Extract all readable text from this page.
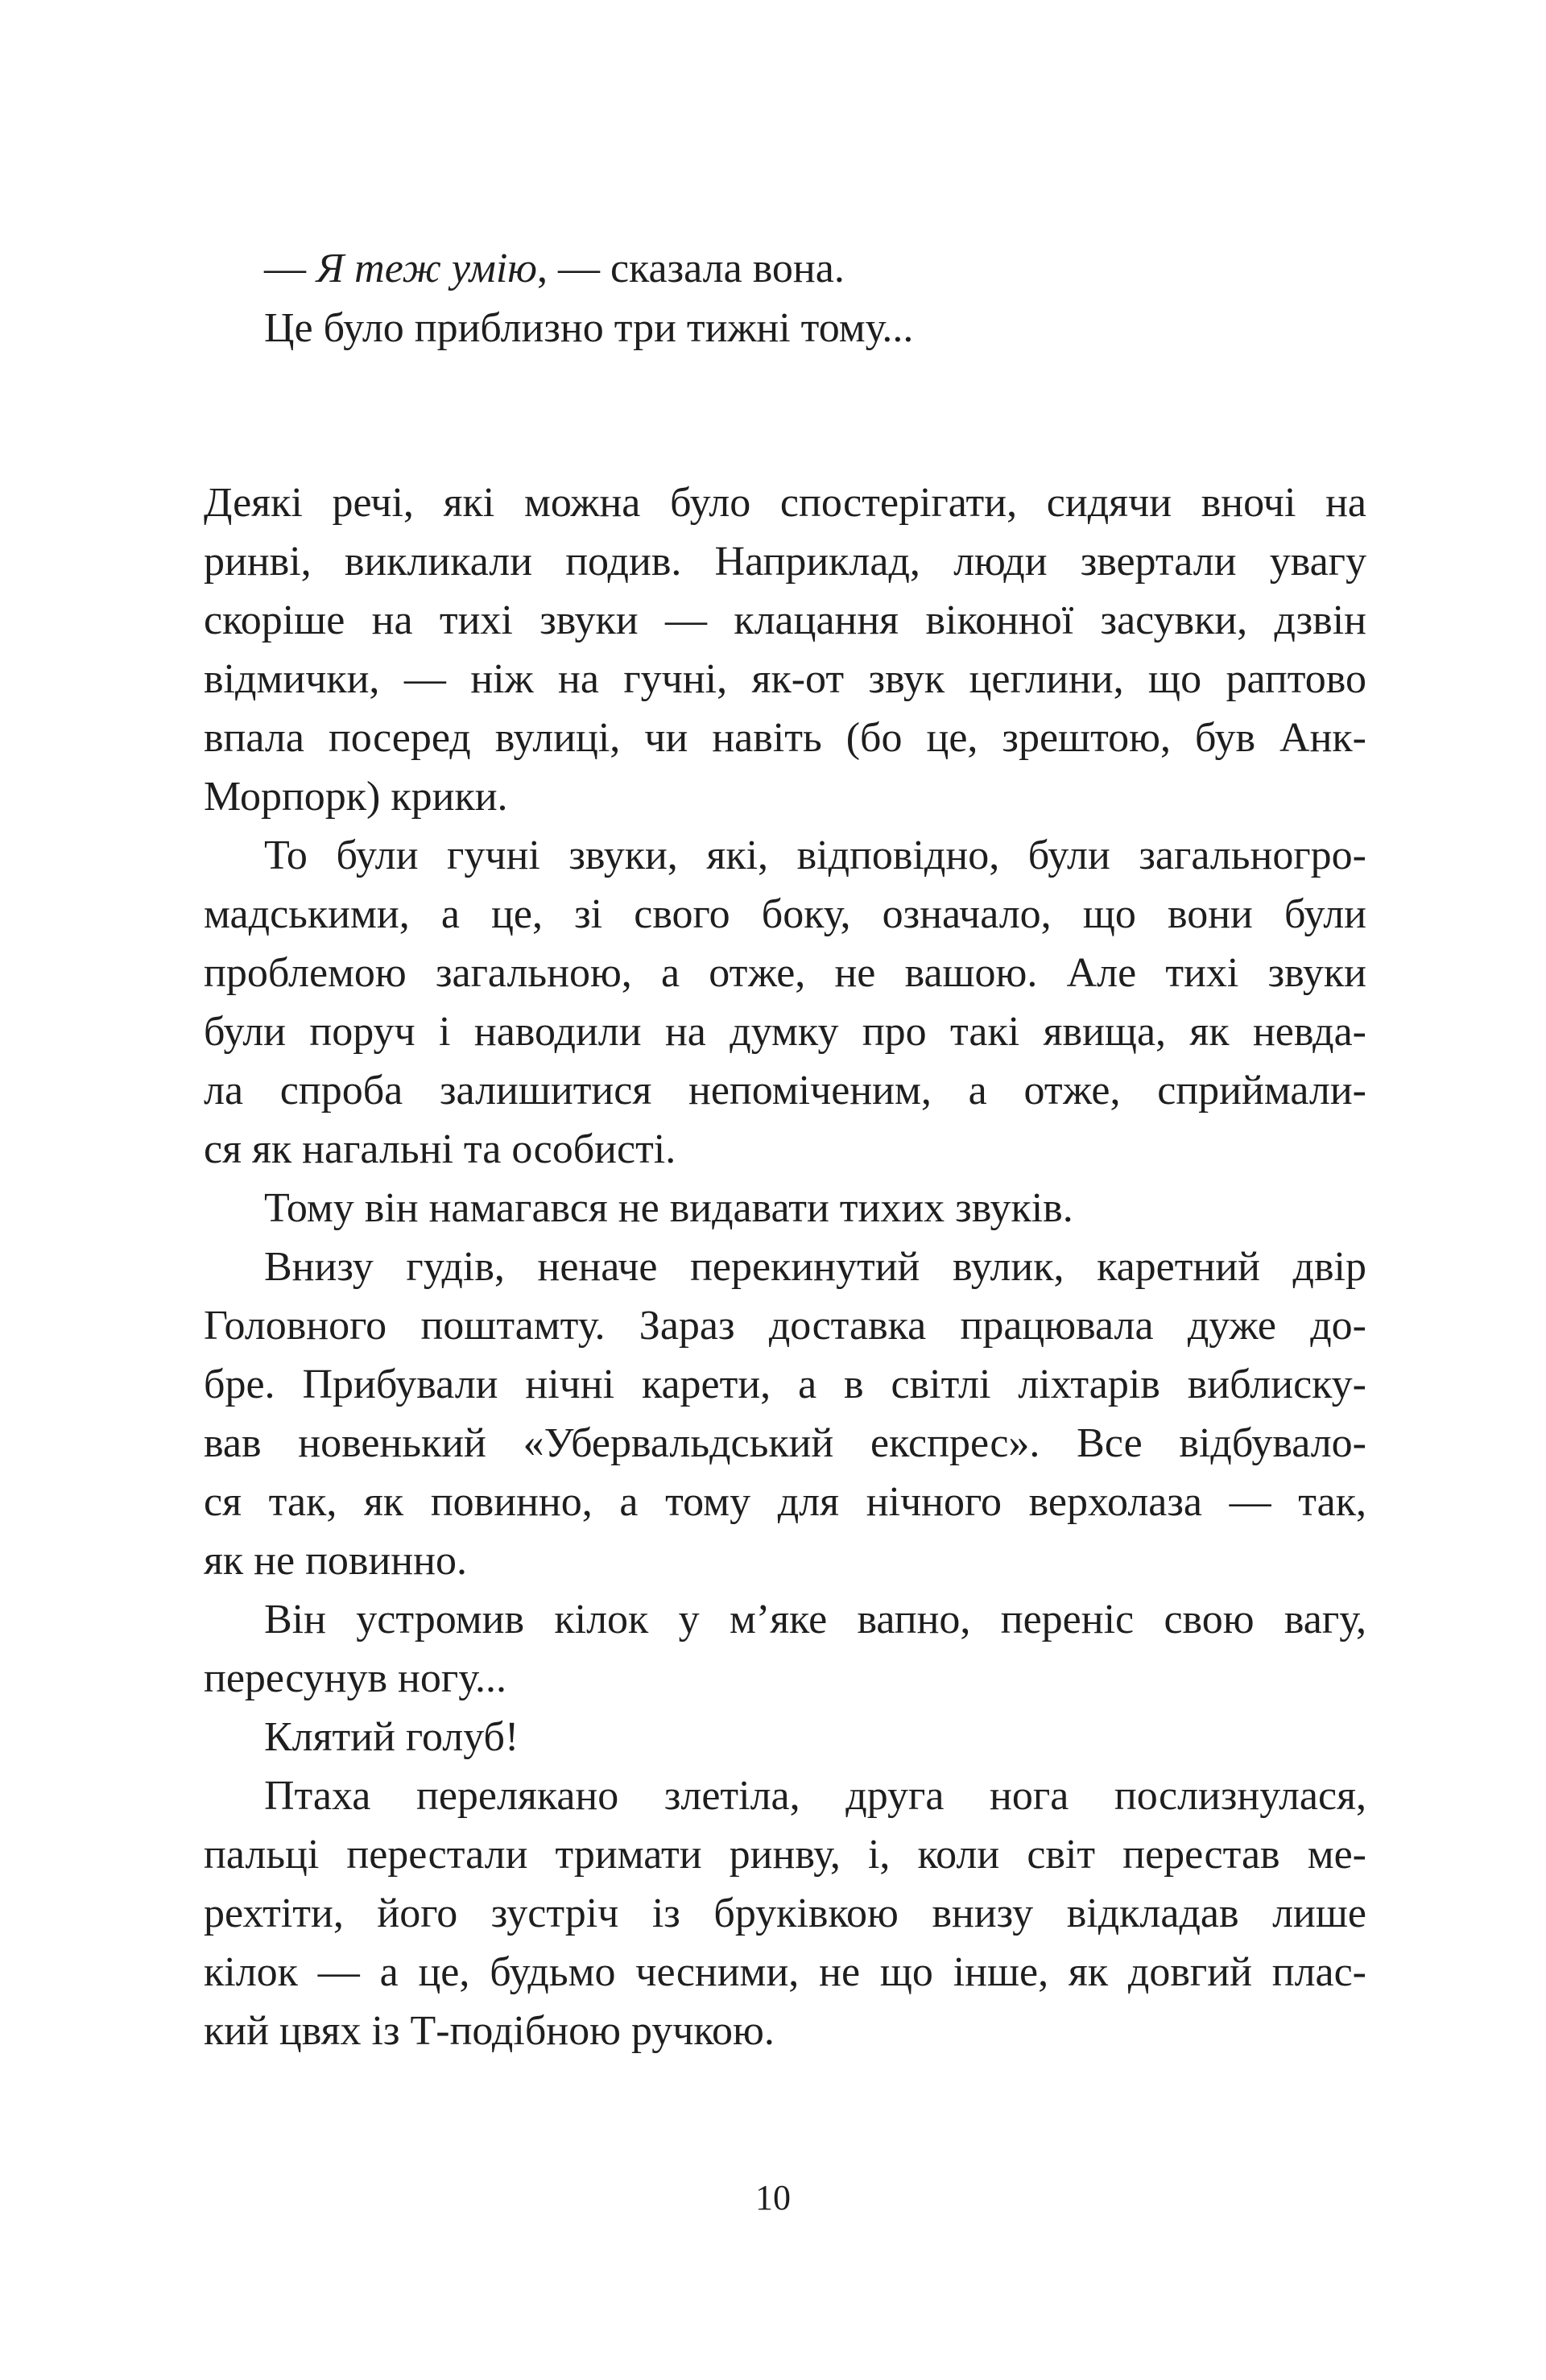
— Я теж умію, — сказала вона.
Це було приблизно три тижні тому...
Деякі речі, які можна було спостерігати, сидячи вночі на
ринві, викликали подив. Наприклад, люди звертали увагу
скоріше на тихі звуки — клацання віконної засувки, дзвін
відмички, — ніж на гучні, як-от звук цеглини, що раптово
впала посеред вулиці, чи навіть (бо це, зрештою, був Анк-
Морпорк) крики.
То були гучні звуки, які, відповідно, були загальногро-
мадськими, а це, зі свого боку, означало, що вони були
проблемою загальною, а отже, не вашою. Але тихі звуки
були поруч і наводили на думку про такі явища, як невда-
ла спроба залишитися непоміченим, а отже, сприймали-
ся як нагальні та особисті.
Тому він намагався не видавати тихих звуків.
Внизу гудів, неначе перекинутий вулик, каретний двір
Головного поштамту. Зараз доставка працювала дуже до-
бре. Прибували нічні карети, а в світлі ліхтарів виблиску-
вав новенький «Убервальдський експрес». Все відбувало-
ся так, як повинно, а тому для нічного верхолаза — так,
як не повинно.
Він устромив кілок у м’яке вапно, переніс свою вагу,
пересунув ногу...
Клятий голуб!
Птаха перелякано злетіла, друга нога послизнулася,
пальці перестали тримати ринву, і, коли світ перестав ме-
рехтіти, його зустріч із бруківкою внизу відкладав лише
кілок — а це, будьмо чесними, не що інше, як довгий плас-
кий цвях із Т-подібною ручкою.
10
